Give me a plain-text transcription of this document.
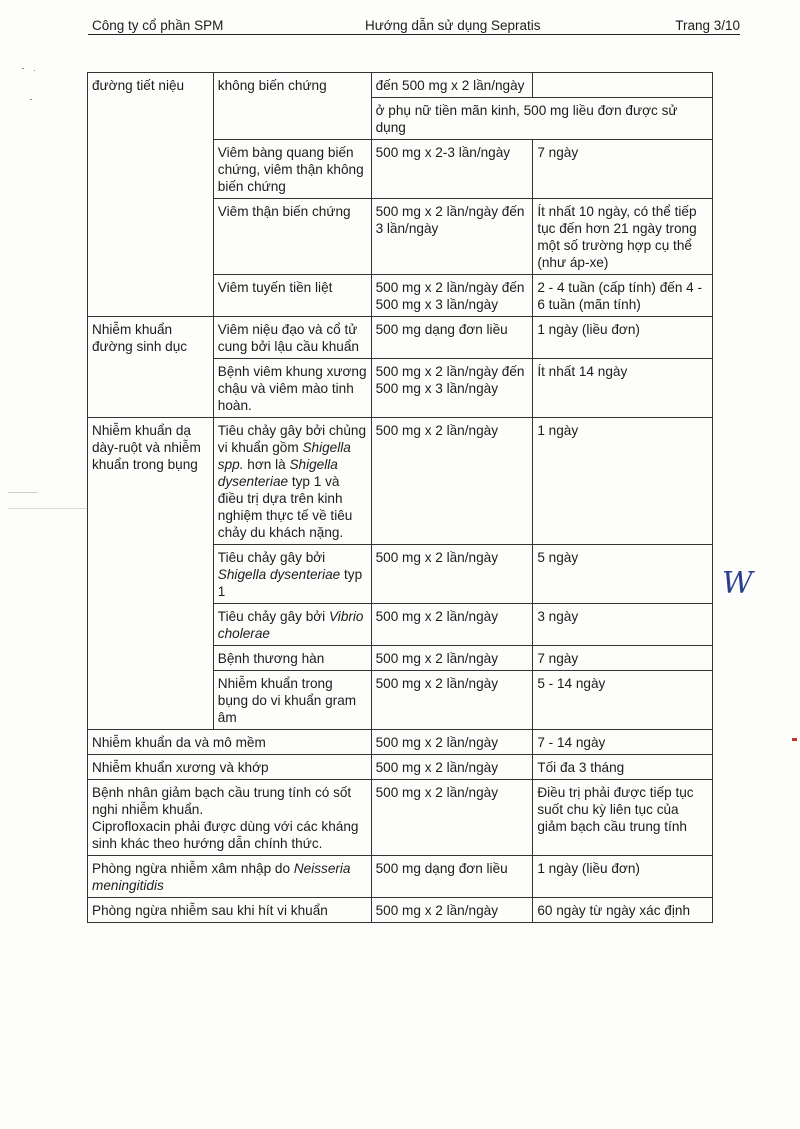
Công ty cổ phần SPM	Hướng dẫn sử dụng Sepratis	Trang 3/10
đường tiết niệu	không biến chứng	đến 500 mg x 2 lần/ngày	
		ở phụ nữ tiền mãn kinh, 500 mg liều đơn được sử dụng	
	Viêm bàng quang biến chứng, viêm thận không biến chứng	500 mg x 2-3 lần/ngày	7 ngày
	Viêm thận biến chứng	500 mg x 2 lần/ngày đến 3 lần/ngày	Ít nhất 10 ngày, có thể tiếp tục đến hơn 21 ngày trong một số trường hợp cụ thể (như áp-xe)
	Viêm tuyến tiền liệt	500 mg x 2 lần/ngày đến 500 mg x 3 lần/ngày	2 - 4 tuần (cấp tính) đến 4 - 6 tuần (mãn tính)
Nhiễm khuẩn đường sinh dục	Viêm niệu đạo và cổ tử cung bởi lậu cầu khuẩn	500 mg dạng đơn liều	1 ngày (liều đơn)
	Bệnh viêm khung xương chậu và viêm mào tinh hoàn.	500 mg x 2 lần/ngày đến 500 mg x 3 lần/ngày	Ít nhất 14 ngày
Nhiễm khuẩn dạ dày-ruột và nhiễm khuẩn trong bụng	Tiêu chảy gây bởi chủng vi khuẩn gồm Shigella spp. hơn là Shigella dysenteriae typ 1 và điều trị dựa trên kinh nghiệm thực tế về tiêu chảy du khách nặng.	500 mg x 2 lần/ngày	1 ngày
	Tiêu chảy gây bởi Shigella dysenteriae typ 1	500 mg x 2 lần/ngày	5 ngày
	Tiêu chảy gây bởi Vibrio cholerae	500 mg x 2 lần/ngày	3 ngày
	Bệnh thương hàn	500 mg x 2 lần/ngày	7 ngày
	Nhiễm khuẩn trong bụng do vi khuẩn gram âm	500 mg x 2 lần/ngày	5 - 14 ngày
Nhiễm khuẩn da và mô mềm		500 mg x 2 lần/ngày	7 - 14 ngày
Nhiễm khuẩn xương và khớp		500 mg x 2 lần/ngày	Tối đa 3 tháng

Bệnh nhân giảm bạch cầu trung tính có sốt nghi nhiễm khuẩn.
Ciprofloxacin phải được dùng với các kháng sinh khác theo hướng dẫn chính thức.		500 mg x 2 lần/ngày	Điều trị phải được tiếp tục suốt chu kỳ liên tục của giảm bạch cầu trung tính
Phòng ngừa nhiễm xâm nhập do Neisseria meningitidis		500 mg dạng đơn liều	1 ngày (liều đơn)
Phòng ngừa nhiễm sau khi hít vi khuẩn		500 mg x 2 lần/ngày	60 ngày từ ngày xác định
W
